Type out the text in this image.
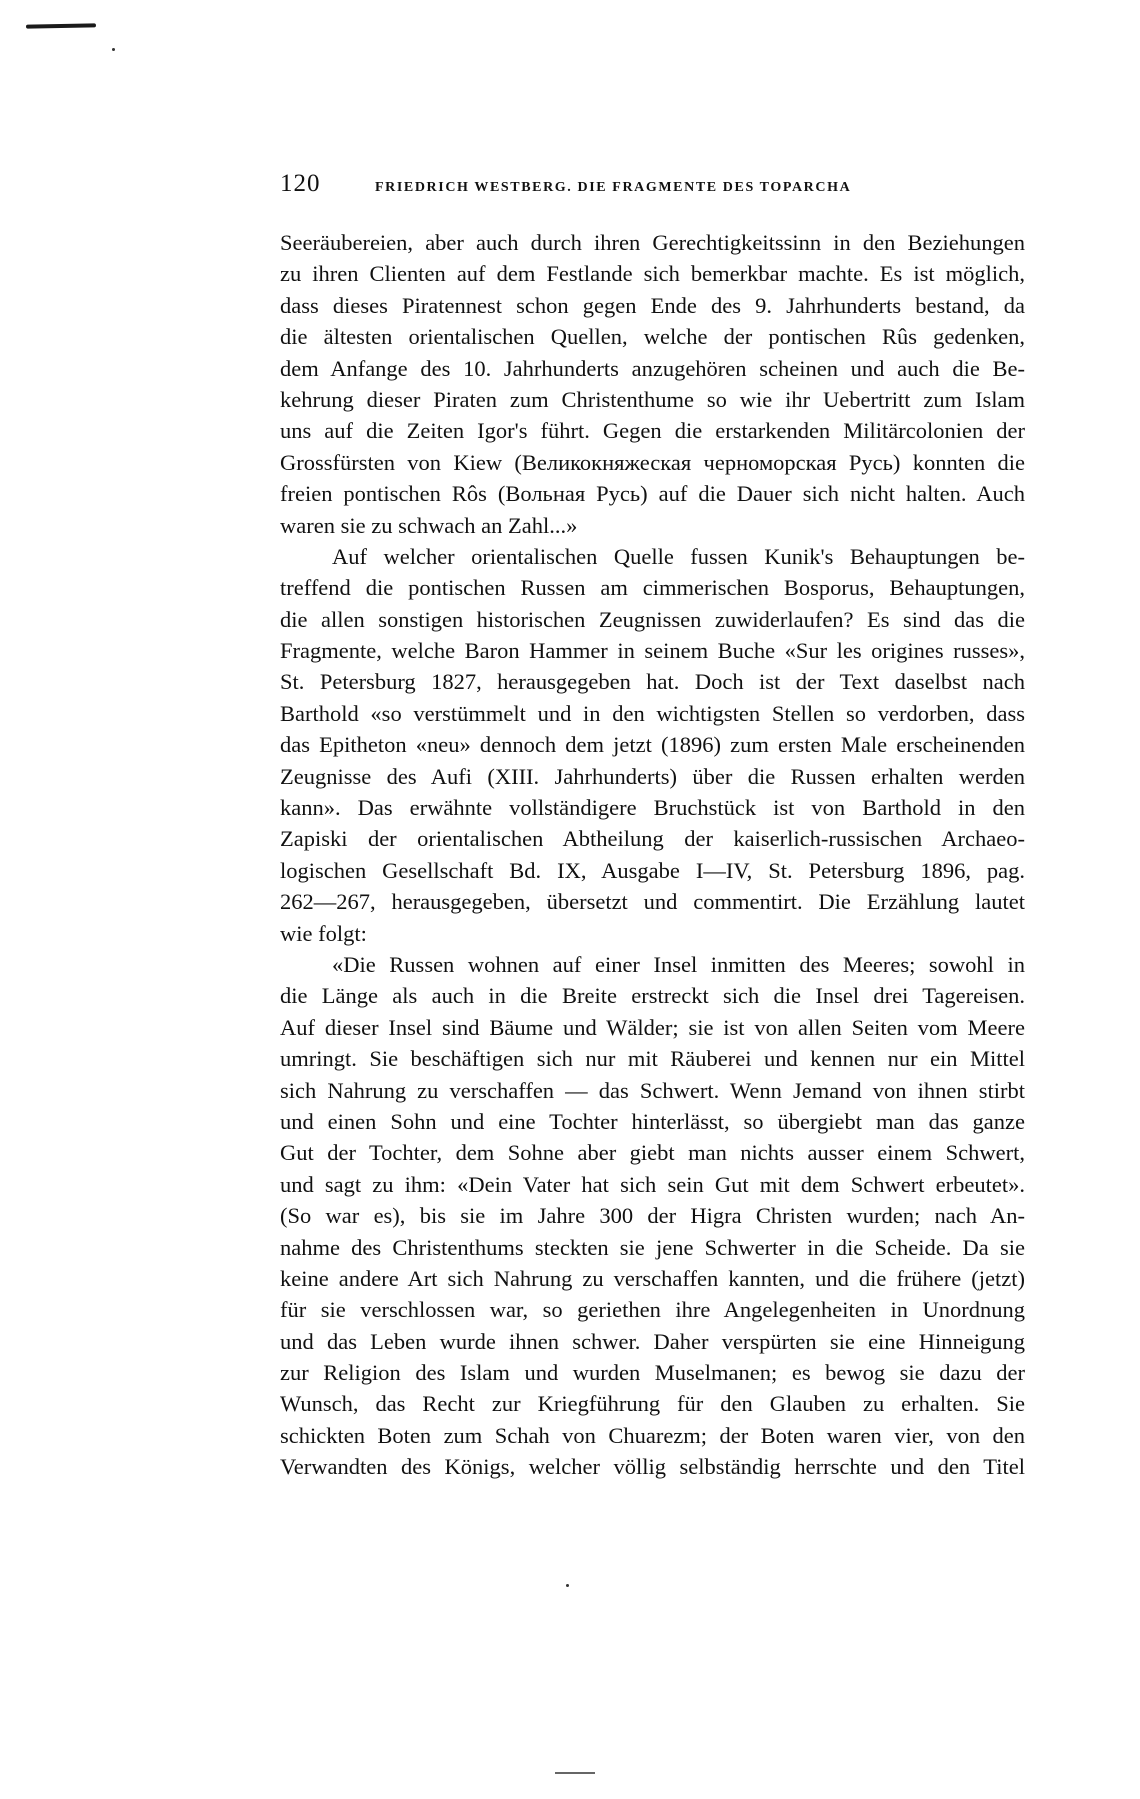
120	FRIEDRICH WESTBERG. DIE FRAGMENTE DES TOPARCHA
Seeräubereien, aber auch durch ihren Gerechtigkeitssinn in den Beziehungen
zu ihren Clienten auf dem Festlande sich bemerkbar machte. Es ist möglich,
dass dieses Piratennest schon gegen Ende des 9. Jahrhunderts bestand, da
die ältesten orientalischen Quellen, welche der pontischen Rûs gedenken,
dem Anfange des 10. Jahrhunderts anzugehören scheinen und auch die Be-
kehrung dieser Piraten zum Christenthume so wie ihr Uebertritt zum Islam
uns auf die Zeiten Igor's führt. Gegen die erstarkenden Militärcolonien der
Grossfürsten von Kiew (Великокняжеская черноморская Русь) konnten die
freien pontischen Rôs (Вольная Русь) auf die Dauer sich nicht halten. Auch
waren sie zu schwach an Zahl...»
Auf welcher orientalischen Quelle fussen Kunik's Behauptungen be-
treffend die pontischen Russen am cimmerischen Bosporus, Behauptungen,
die allen sonstigen historischen Zeugnissen zuwiderlaufen? Es sind das die
Fragmente, welche Baron Hammer in seinem Buche «Sur les origines russes»,
St. Petersburg 1827, herausgegeben hat. Doch ist der Text daselbst nach
Barthold «so verstümmelt und in den wichtigsten Stellen so verdorben, dass
das Epitheton «neu» dennoch dem jetzt (1896) zum ersten Male erscheinenden
Zeugnisse des Aufi (XIII. Jahrhunderts) über die Russen erhalten werden
kann». Das erwähnte vollständigere Bruchstück ist von Barthold in den
Zapiski der orientalischen Abtheilung der kaiserlich-russischen Archaeo-
logischen Gesellschaft Bd. IX, Ausgabe I—IV, St. Petersburg 1896, pag.
262—267, herausgegeben, übersetzt und commentirt. Die Erzählung lautet
wie folgt:
«Die Russen wohnen auf einer Insel inmitten des Meeres; sowohl in
die Länge als auch in die Breite erstreckt sich die Insel drei Tagereisen.
Auf dieser Insel sind Bäume und Wälder; sie ist von allen Seiten vom Meere
umringt. Sie beschäftigen sich nur mit Räuberei und kennen nur ein Mittel
sich Nahrung zu verschaffen — das Schwert. Wenn Jemand von ihnen stirbt
und einen Sohn und eine Tochter hinterlässt, so übergiebt man das ganze
Gut der Tochter, dem Sohne aber giebt man nichts ausser einem Schwert,
und sagt zu ihm: «Dein Vater hat sich sein Gut mit dem Schwert erbeutet».
(So war es), bis sie im Jahre 300 der Higra Christen wurden; nach An-
nahme des Christenthums steckten sie jene Schwerter in die Scheide. Da sie
keine andere Art sich Nahrung zu verschaffen kannten, und die frühere (jetzt)
für sie verschlossen war, so geriethen ihre Angelegenheiten in Unordnung
und das Leben wurde ihnen schwer. Daher verspürten sie eine Hinneigung
zur Religion des Islam und wurden Muselmanen; es bewog sie dazu der
Wunsch, das Recht zur Kriegführung für den Glauben zu erhalten. Sie
schickten Boten zum Schah von Chuarezm; der Boten waren vier, von den
Verwandten des Königs, welcher völlig selbständig herrschte und den Titel
